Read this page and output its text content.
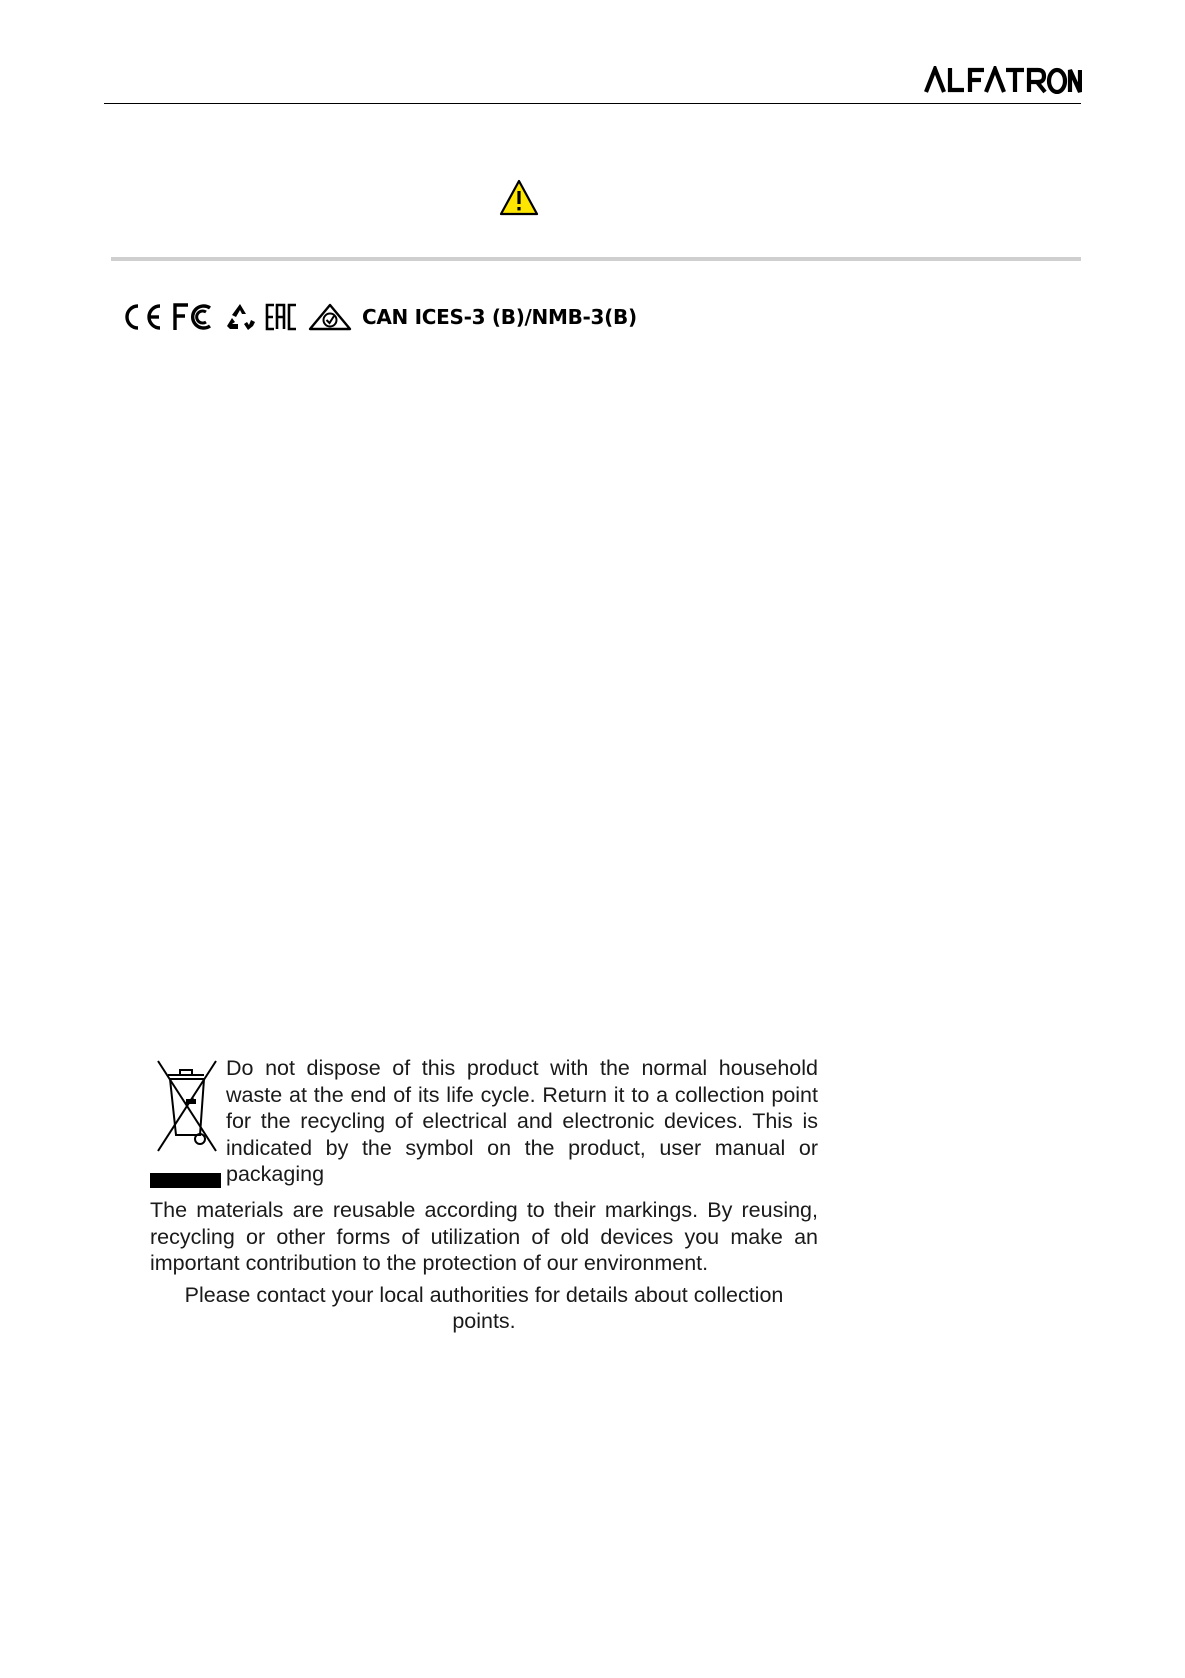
CAN ICES-3 (B)/NMB-3(B)
Do not dispose of this product with the normal household waste at the end of its life cycle. Return it to a collection point for the recycling of electrical and electronic devices. This is indicated by the symbol on the product, user manual or packaging
The materials are reusable according to their markings. By reusing, recycling or other forms of utilization of old devices you make an important contribution to the protection of our environment.
Please contact your local authorities for details about collection points.
